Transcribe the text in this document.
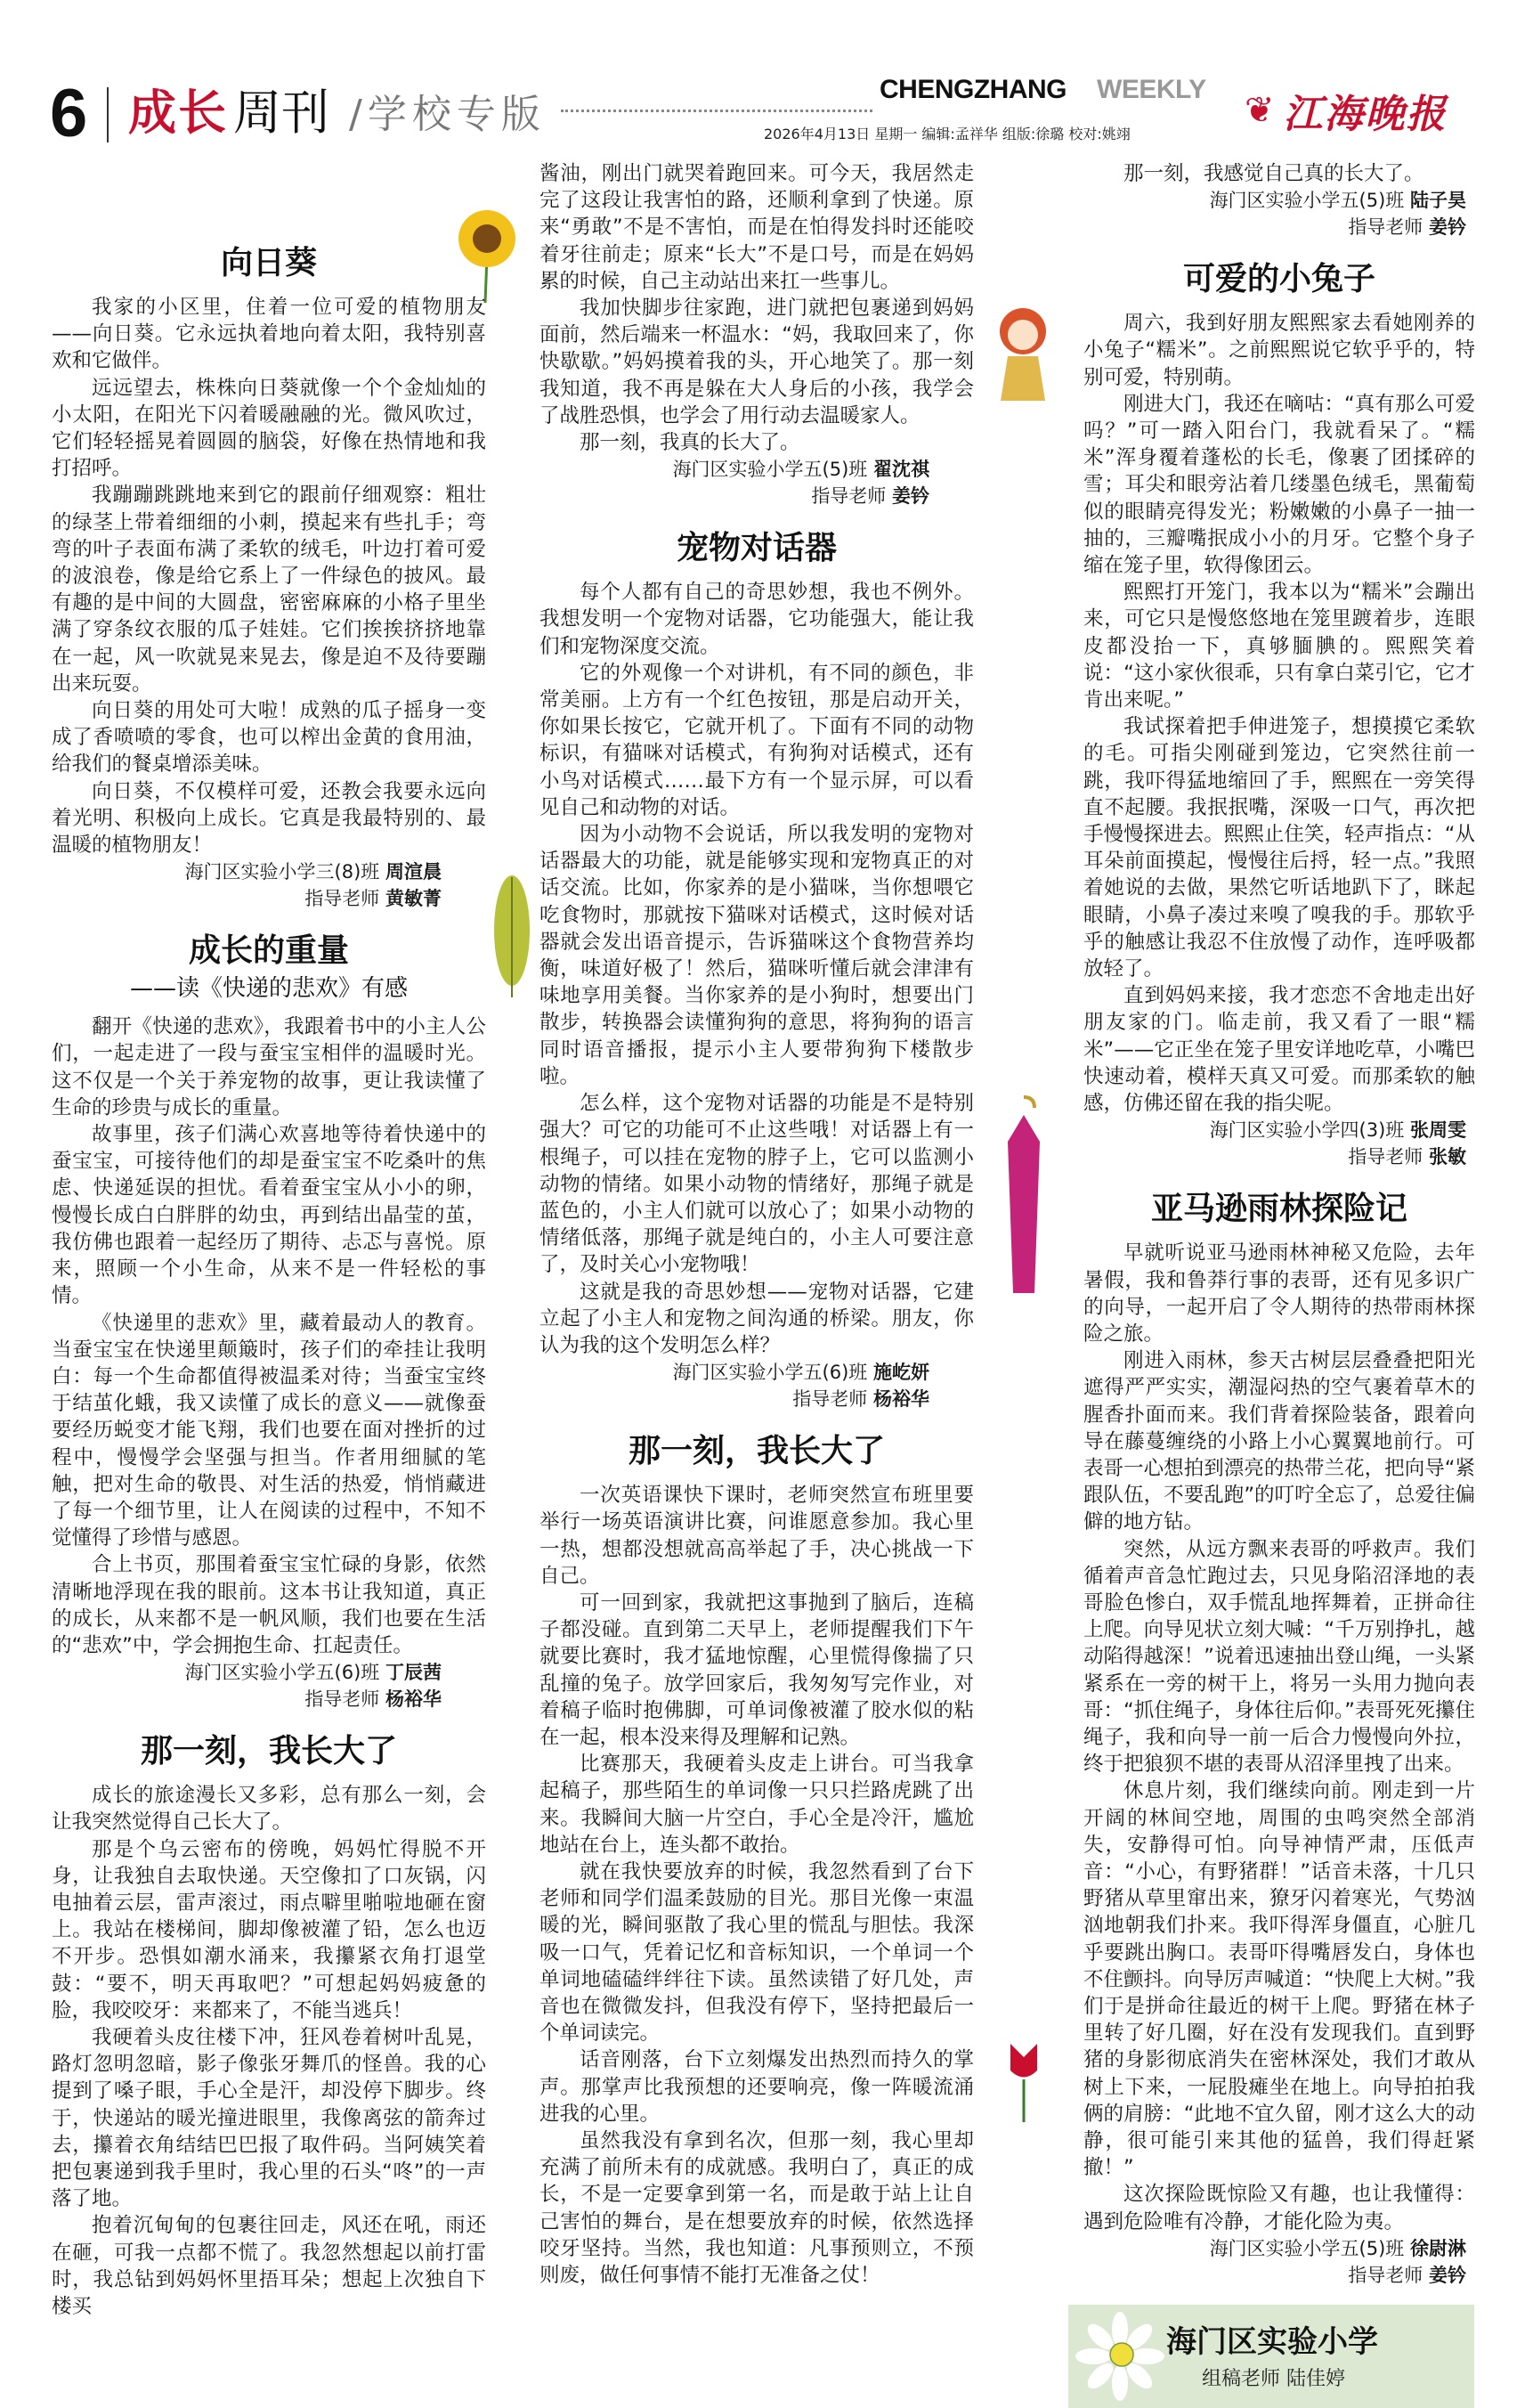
6 成长 周刊 /学校专版
CHENGZHANG WEEKLY
2026年4月13日 星期一 编辑:孟祥华 组版:徐璐 校对:姚翊
❦ 江海晚报
向日葵

我家的小区里，住着一位可爱的植物朋友——向日葵。它永远执着地向着太阳，我特别喜欢和它做伴。

远远望去，株株向日葵就像一个个金灿灿的小太阳，在阳光下闪着暖融融的光。微风吹过，它们轻轻摇晃着圆圆的脑袋，好像在热情地和我打招呼。

我蹦蹦跳跳地来到它的跟前仔细观察：粗壮的绿茎上带着细细的小刺，摸起来有些扎手；弯弯的叶子表面布满了柔软的绒毛，叶边打着可爱的波浪卷，像是给它系上了一件绿色的披风。最有趣的是中间的大圆盘，密密麻麻的小格子里坐满了穿条纹衣服的瓜子娃娃。它们挨挨挤挤地靠在一起，风一吹就晃来晃去，像是迫不及待要蹦出来玩耍。

向日葵的用处可大啦！成熟的瓜子摇身一变成了香喷喷的零食，也可以榨出金黄的食用油，给我们的餐桌增添美味。

向日葵，不仅模样可爱，还教会我要永远向着光明、积极向上成长。它真是我最特别的、最温暖的植物朋友！

海门区实验小学三(8)班 周渲晨
指导老师 黄敏菁
成长的重量
——读《快递的悲欢》有感

翻开《快递的悲欢》，我跟着书中的小主人公们，一起走进了一段与蚕宝宝相伴的温暖时光。这不仅是一个关于养宠物的故事，更让我读懂了生命的珍贵与成长的重量。

故事里，孩子们满心欢喜地等待着快递中的蚕宝宝，可接待他们的却是蚕宝宝不吃桑叶的焦虑、快递延误的担忧。看着蚕宝宝从小小的卵，慢慢长成白白胖胖的幼虫，再到结出晶莹的茧，我仿佛也跟着一起经历了期待、忐忑与喜悦。原来，照顾一个小生命，从来不是一件轻松的事情。

《快递里的悲欢》里，藏着最动人的教育。当蚕宝宝在快递里颠簸时，孩子们的牵挂让我明白：每一个生命都值得被温柔对待；当蚕宝宝终于结茧化蛾，我又读懂了成长的意义——就像蚕要经历蜕变才能飞翔，我们也要在面对挫折的过程中，慢慢学会坚强与担当。作者用细腻的笔触，把对生命的敬畏、对生活的热爱，悄悄藏进了每一个细节里，让人在阅读的过程中，不知不觉懂得了珍惜与感恩。

合上书页，那围着蚕宝宝忙碌的身影，依然清晰地浮现在我的眼前。这本书让我知道，真正的成长，从来都不是一帆风顺，我们也要在生活的“悲欢”中，学会拥抱生命、扛起责任。

海门区实验小学五(6)班 丁辰茜
指导老师 杨裕华
那一刻，我长大了

成长的旅途漫长又多彩，总有那么一刻，会让我突然觉得自己长大了。

那是个乌云密布的傍晚，妈妈忙得脱不开身，让我独自去取快递。天空像扣了口灰锅，闪电抽着云层，雷声滚过，雨点噼里啪啦地砸在窗上。我站在楼梯间，脚却像被灌了铅，怎么也迈不开步。恐惧如潮水涌来，我攥紧衣角打退堂鼓：“要不，明天再取吧？”可想起妈妈疲惫的脸，我咬咬牙：来都来了，不能当逃兵！

我硬着头皮往楼下冲，狂风卷着树叶乱晃，路灯忽明忽暗，影子像张牙舞爪的怪兽。我的心提到了嗓子眼，手心全是汗，却没停下脚步。终于，快递站的暖光撞进眼里，我像离弦的箭奔过去，攥着衣角结结巴巴报了取件码。当阿姨笑着把包裹递到我手里时，我心里的石头“咚”的一声落了地。

抱着沉甸甸的包裹往回走，风还在吼，雨还在砸，可我一点都不慌了。我忽然想起以前打雷时，我总钻到妈妈怀里捂耳朵；想起上次独自下楼买

酱油，刚出门就哭着跑回来。可今天，我居然走完了这段让我害怕的路，还顺利拿到了快递。原来“勇敢”不是不害怕，而是在怕得发抖时还能咬着牙往前走；原来“长大”不是口号，而是在妈妈累的时候，自己主动站出来扛一些事儿。

我加快脚步往家跑，进门就把包裹递到妈妈面前，然后端来一杯温水：“妈，我取回来了，你快歇歇。”妈妈摸着我的头，开心地笑了。那一刻我知道，我不再是躲在大人身后的小孩，我学会了战胜恐惧，也学会了用行动去温暖家人。

那一刻，我真的长大了。

海门区实验小学五(5)班 翟沈祺
指导老师 姜钤
宠物对话器

每个人都有自己的奇思妙想，我也不例外。我想发明一个宠物对话器，它功能强大，能让我们和宠物深度交流。

它的外观像一个对讲机，有不同的颜色，非常美丽。上方有一个红色按钮，那是启动开关，你如果长按它，它就开机了。下面有不同的动物标识，有猫咪对话模式，有狗狗对话模式，还有小鸟对话模式……最下方有一个显示屏，可以看见自己和动物的对话。

因为小动物不会说话，所以我发明的宠物对话器最大的功能，就是能够实现和宠物真正的对话交流。比如，你家养的是小猫咪，当你想喂它吃食物时，那就按下猫咪对话模式，这时候对话器就会发出语音提示，告诉猫咪这个食物营养均衡，味道好极了！然后，猫咪听懂后就会津津有味地享用美餐。当你家养的是小狗时，想要出门散步，转换器会读懂狗狗的意思，将狗狗的语言同时语音播报，提示小主人要带狗狗下楼散步啦。

怎么样，这个宠物对话器的功能是不是特别强大？可它的功能可不止这些哦！对话器上有一根绳子，可以挂在宠物的脖子上，它可以监测小动物的情绪。如果小动物的情绪好，那绳子就是蓝色的，小主人们就可以放心了；如果小动物的情绪低落，那绳子就是纯白的，小主人可要注意了，及时关心小宠物哦！

这就是我的奇思妙想——宠物对话器，它建立起了小主人和宠物之间沟通的桥梁。朋友，你认为我的这个发明怎么样？

海门区实验小学五(6)班 施屹妍
指导老师 杨裕华
那一刻，我长大了

一次英语课快下课时，老师突然宣布班里要举行一场英语演讲比赛，问谁愿意参加。我心里一热，想都没想就高高举起了手，决心挑战一下自己。

可一回到家，我就把这事抛到了脑后，连稿子都没碰。直到第二天早上，老师提醒我们下午就要比赛时，我才猛地惊醒，心里慌得像揣了只乱撞的兔子。放学回家后，我匆匆写完作业，对着稿子临时抱佛脚，可单词像被灌了胶水似的粘在一起，根本没来得及理解和记熟。

比赛那天，我硬着头皮走上讲台。可当我拿起稿子，那些陌生的单词像一只只拦路虎跳了出来。我瞬间大脑一片空白，手心全是冷汗，尴尬地站在台上，连头都不敢抬。

就在我快要放弃的时候，我忽然看到了台下老师和同学们温柔鼓励的目光。那目光像一束温暖的光，瞬间驱散了我心里的慌乱与胆怯。我深吸一口气，凭着记忆和音标知识，一个单词一个单词地磕磕绊绊往下读。虽然读错了好几处，声音也在微微发抖，但我没有停下，坚持把最后一个单词读完。

话音刚落，台下立刻爆发出热烈而持久的掌声。那掌声比我预想的还要响亮，像一阵暖流涌进我的心里。

虽然我没有拿到名次，但那一刻，我心里却充满了前所未有的成就感。我明白了，真正的成长，不是一定要拿到第一名，而是敢于站上让自己害怕的舞台，是在想要放弃的时候，依然选择咬牙坚持。当然，我也知道：凡事预则立，不预则废，做任何事情不能打无准备之仗！

那一刻，我感觉自己真的长大了。

海门区实验小学五(5)班 陆子昊
指导老师 姜钤
可爱的小兔子

周六，我到好朋友熙熙家去看她刚养的小兔子“糯米”。之前熙熙说它软乎乎的，特别可爱，特别萌。

刚进大门，我还在嘀咕：“真有那么可爱吗？”可一踏入阳台门，我就看呆了。“糯米”浑身覆着蓬松的长毛，像裹了团揉碎的雪；耳尖和眼旁沾着几缕墨色绒毛，黑葡萄似的眼睛亮得发光；粉嫩嫩的小鼻子一抽一抽的，三瓣嘴抿成小小的月牙。它整个身子缩在笼子里，软得像团云。

熙熙打开笼门，我本以为“糯米”会蹦出来，可它只是慢悠悠地在笼里踱着步，连眼皮都没抬一下，真够腼腆的。熙熙笑着说：“这小家伙很乖，只有拿白菜引它，它才肯出来呢。”

我试探着把手伸进笼子，想摸摸它柔软的毛。可指尖刚碰到笼边，它突然往前一跳，我吓得猛地缩回了手，熙熙在一旁笑得直不起腰。我抿抿嘴，深吸一口气，再次把手慢慢探进去。熙熙止住笑，轻声指点：“从耳朵前面摸起，慢慢往后捋，轻一点。”我照着她说的去做，果然它听话地趴下了，眯起眼睛，小鼻子凑过来嗅了嗅我的手。那软乎乎的触感让我忍不住放慢了动作，连呼吸都放轻了。

直到妈妈来接，我才恋恋不舍地走出好朋友家的门。临走前，我又看了一眼“糯米”——它正坐在笼子里安详地吃草，小嘴巴快速动着，模样天真又可爱。而那柔软的触感，仿佛还留在我的指尖呢。

海门区实验小学四(3)班 张周雯
指导老师 张敏
亚马逊雨林探险记

早就听说亚马逊雨林神秘又危险，去年暑假，我和鲁莽行事的表哥，还有见多识广的向导，一起开启了令人期待的热带雨林探险之旅。

刚进入雨林，参天古树层层叠叠把阳光遮得严严实实，潮湿闷热的空气裹着草木的腥香扑面而来。我们背着探险装备，跟着向导在藤蔓缠绕的小路上小心翼翼地前行。可表哥一心想拍到漂亮的热带兰花，把向导“紧跟队伍，不要乱跑”的叮咛全忘了，总爱往偏僻的地方钻。

突然，从远方飘来表哥的呼救声。我们循着声音急忙跑过去，只见身陷沼泽地的表哥脸色惨白，双手慌乱地挥舞着，正拼命往上爬。向导见状立刻大喊：“千万别挣扎，越动陷得越深！”说着迅速抽出登山绳，一头紧紧系在一旁的树干上，将另一头用力抛向表哥：“抓住绳子，身体往后仰。”表哥死死攥住绳子，我和向导一前一后合力慢慢向外拉，终于把狼狈不堪的表哥从沼泽里拽了出来。

休息片刻，我们继续向前。刚走到一片开阔的林间空地，周围的虫鸣突然全部消失，安静得可怕。向导神情严肃，压低声音：“小心，有野猪群！”话音未落，十几只野猪从草里窜出来，獠牙闪着寒光，气势汹汹地朝我们扑来。我吓得浑身僵直，心脏几乎要跳出胸口。表哥吓得嘴唇发白，身体也不住颤抖。向导厉声喊道：“快爬上大树。”我们于是拼命往最近的树干上爬。野猪在林子里转了好几圈，好在没有发现我们。直到野猪的身影彻底消失在密林深处，我们才敢从树上下来，一屁股瘫坐在地上。向导拍拍我俩的肩膀：“此地不宜久留，刚才这么大的动静，很可能引来其他的猛兽，我们得赶紧撤！”

这次探险既惊险又有趣，也让我懂得：遇到危险唯有冷静，才能化险为夷。

海门区实验小学五(5)班 徐尉淋
指导老师 姜钤
海门区实验小学
组稿老师 陆佳婷
